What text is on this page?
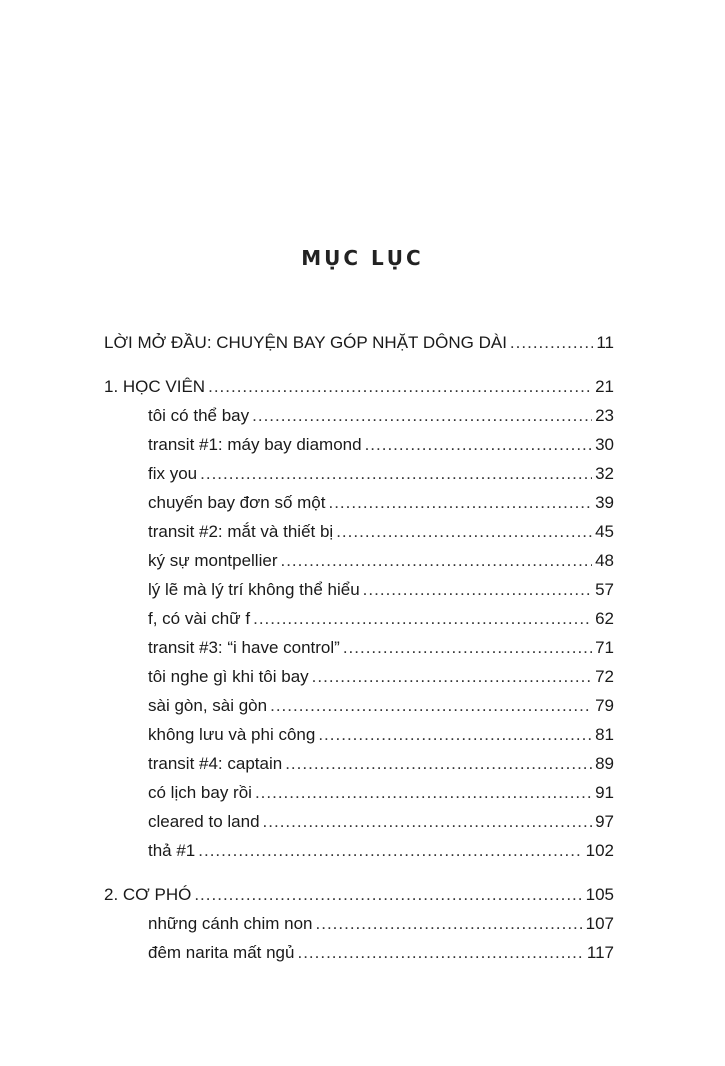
MỤC LỤC
LỜI MỞ ĐẦU: CHUYỆN BAY GÓP NHẶT DÔNG DÀI .....	11
1. HỌC VIÊN .....	21
tôi có thể bay .....	23
transit #1: máy bay diamond .....	30
fix you .....	32
chuyến bay đơn số một .....	39
transit #2: mắt và thiết bị .....	45
ký sự montpellier .....	48
lý lẽ mà lý trí không thể hiểu .....	57
f, có vài chữ f .....	62
transit #3: “i have control” .....	71
tôi nghe gì khi tôi bay .....	72
sài gòn, sài gòn .....	79
không lưu và phi công .....	81
transit #4: captain .....	89
có lịch bay rồi .....	91
cleared to land .....	97
thả #1 .....	102
2. CƠ PHÓ .....	105
những cánh chim non .....	107
đêm narita mất ngủ .....	117
